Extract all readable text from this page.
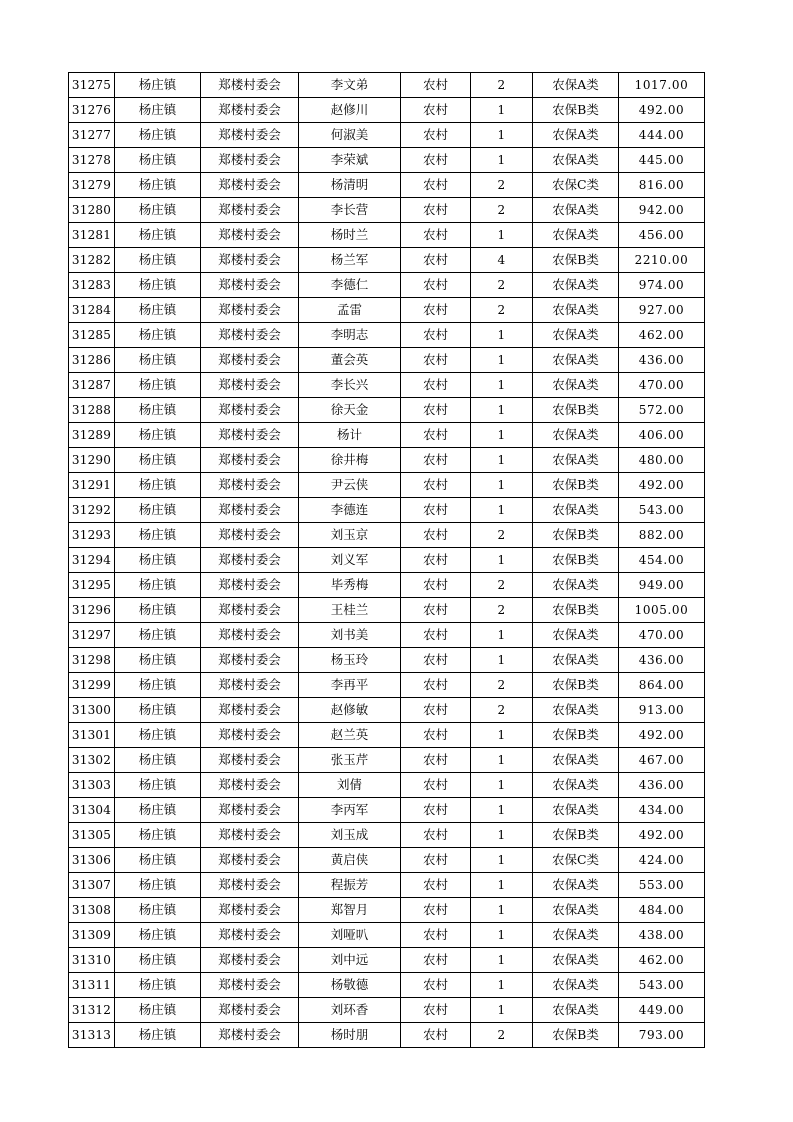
31275	杨庄镇	郑楼村委会	李文弟	农村	2	农保A类	1017.00
31276	杨庄镇	郑楼村委会	赵修川	农村	1	农保B类	492.00
31277	杨庄镇	郑楼村委会	何淑美	农村	1	农保A类	444.00
31278	杨庄镇	郑楼村委会	李荣斌	农村	1	农保A类	445.00
31279	杨庄镇	郑楼村委会	杨清明	农村	2	农保C类	816.00
31280	杨庄镇	郑楼村委会	李长营	农村	2	农保A类	942.00
31281	杨庄镇	郑楼村委会	杨时兰	农村	1	农保A类	456.00
31282	杨庄镇	郑楼村委会	杨兰军	农村	4	农保B类	2210.00
31283	杨庄镇	郑楼村委会	李德仁	农村	2	农保A类	974.00
31284	杨庄镇	郑楼村委会	孟雷	农村	2	农保A类	927.00
31285	杨庄镇	郑楼村委会	李明志	农村	1	农保A类	462.00
31286	杨庄镇	郑楼村委会	董会英	农村	1	农保A类	436.00
31287	杨庄镇	郑楼村委会	李长兴	农村	1	农保A类	470.00
31288	杨庄镇	郑楼村委会	徐天金	农村	1	农保B类	572.00
31289	杨庄镇	郑楼村委会	杨计	农村	1	农保A类	406.00
31290	杨庄镇	郑楼村委会	徐井梅	农村	1	农保A类	480.00
31291	杨庄镇	郑楼村委会	尹云侠	农村	1	农保B类	492.00
31292	杨庄镇	郑楼村委会	李德连	农村	1	农保A类	543.00
31293	杨庄镇	郑楼村委会	刘玉京	农村	2	农保B类	882.00
31294	杨庄镇	郑楼村委会	刘义军	农村	1	农保B类	454.00
31295	杨庄镇	郑楼村委会	毕秀梅	农村	2	农保A类	949.00
31296	杨庄镇	郑楼村委会	王桂兰	农村	2	农保B类	1005.00
31297	杨庄镇	郑楼村委会	刘书美	农村	1	农保A类	470.00
31298	杨庄镇	郑楼村委会	杨玉玲	农村	1	农保A类	436.00
31299	杨庄镇	郑楼村委会	李再平	农村	2	农保B类	864.00
31300	杨庄镇	郑楼村委会	赵修敏	农村	2	农保A类	913.00
31301	杨庄镇	郑楼村委会	赵兰英	农村	1	农保B类	492.00
31302	杨庄镇	郑楼村委会	张玉芹	农村	1	农保A类	467.00
31303	杨庄镇	郑楼村委会	刘倩	农村	1	农保A类	436.00
31304	杨庄镇	郑楼村委会	李丙军	农村	1	农保A类	434.00
31305	杨庄镇	郑楼村委会	刘玉成	农村	1	农保B类	492.00
31306	杨庄镇	郑楼村委会	黄启侠	农村	1	农保C类	424.00
31307	杨庄镇	郑楼村委会	程振芳	农村	1	农保A类	553.00
31308	杨庄镇	郑楼村委会	郑智月	农村	1	农保A类	484.00
31309	杨庄镇	郑楼村委会	刘哑叭	农村	1	农保A类	438.00
31310	杨庄镇	郑楼村委会	刘中远	农村	1	农保A类	462.00
31311	杨庄镇	郑楼村委会	杨敬德	农村	1	农保A类	543.00
31312	杨庄镇	郑楼村委会	刘环香	农村	1	农保A类	449.00
31313	杨庄镇	郑楼村委会	杨时朋	农村	2	农保B类	793.00
